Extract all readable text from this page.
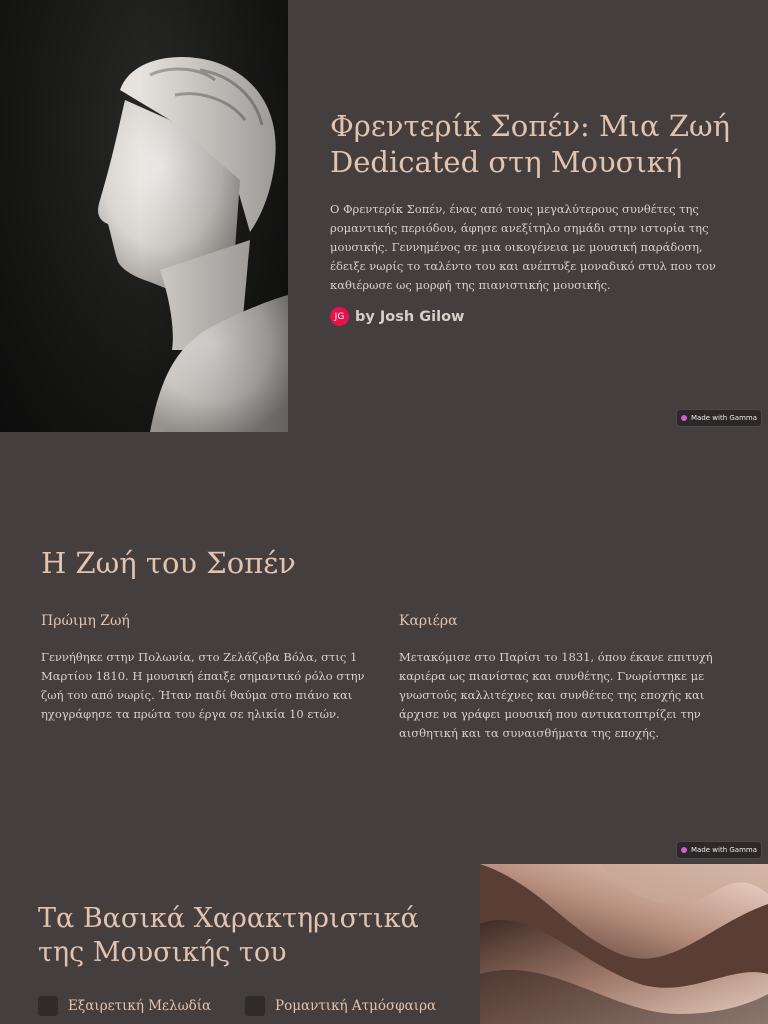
Φρεντερίκ Σοπέν: Μια Ζωή Dedicated στη Μουσική

Ο Φρεντερίκ Σοπέν, ένας από τους μεγαλύτερους συνθέτες της ρομαντικής περιόδου, άφησε ανεξίτηλο σημάδι στην ιστορία της μουσικής. Γεννημένος σε μια οικογένεια με μουσική παράδοση, έδειξε νωρίς το ταλέντο του και ανέπτυξε μοναδικό στυλ που τον καθιέρωσε ως μορφή της πιανιστικής μουσικής.

JG by Josh Gilow
Made with Gamma
Η Ζωή του Σοπέν
Πρώιμη Ζωή

Γεννήθηκε στην Πολωνία, στο Ζελάζοβα Βόλα, στις 1 Μαρτίου 1810. Η μουσική έπαιξε σημαντικό ρόλο στην ζωή του από νωρίς. Ήταν παιδί θαύμα στο πιάνο και ηχογράφησε τα πρώτα του έργα σε ηλικία 10 ετών.

Καριέρα

Μετακόμισε στο Παρίσι το 1831, όπου έκανε επιτυχή καριέρα ως πιανίστας και συνθέτης. Γνωρίστηκε με γνωστούς καλλιτέχνες και συνθέτες της εποχής και άρχισε να γράφει μουσική που αντικατοπτρίζει την αισθητική και τα συναισθήματα της εποχής.

Made with Gamma
Τα Βασικά Χαρακτηριστικά της Μουσικής του
Εξαιρετική Μελωδία	Ρομαντική Ατμόσφαιρα
